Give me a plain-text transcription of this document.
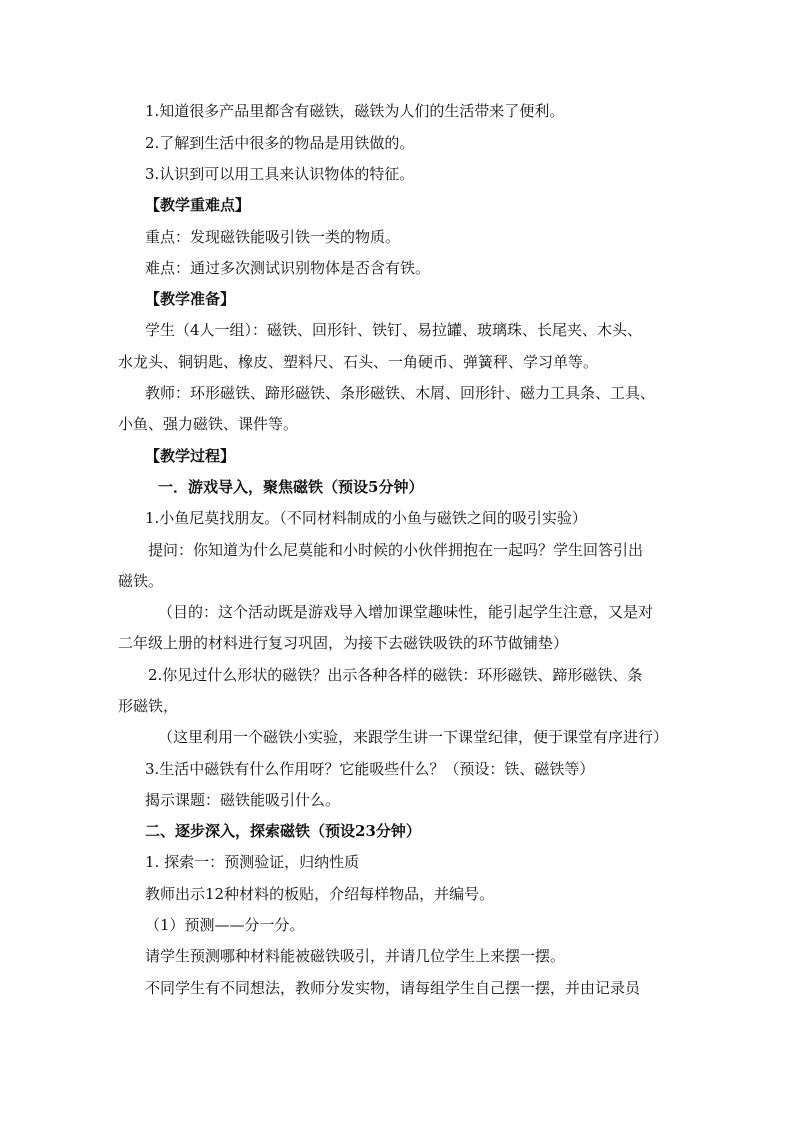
1.知道很多产品里都含有磁铁，磁铁为人们的生活带来了便利。
2.了解到生活中很多的物品是用铁做的。
3.认识到可以用工具来认识物体的特征。
【教学重难点】
重点：发现磁铁能吸引铁一类的物质。
难点：通过多次测试识别物体是否含有铁。
【教学准备】
学生（4人一组）：磁铁、回形针、铁钉、易拉罐、玻璃珠、长尾夹、木头、
水龙头、铜钥匙、橡皮、塑料尺、石头、一角硬币、弹簧秤、学习单等。
教师：环形磁铁、蹄形磁铁、条形磁铁、木屑、回形针、磁力工具条、工具、
小鱼、强力磁铁、课件等。
【教学过程】
一．游戏导入，聚焦磁铁（预设5分钟）
1.小鱼尼莫找朋友。（不同材料制成的小鱼与磁铁之间的吸引实验）
提问：你知道为什么尼莫能和小时候的小伙伴拥抱在一起吗？学生回答引出
磁铁。
（目的：这个活动既是游戏导入增加课堂趣味性，能引起学生注意，又是对
二年级上册的材料进行复习巩固，为接下去磁铁吸铁的环节做铺垫）
2.你见过什么形状的磁铁？出示各种各样的磁铁：环形磁铁、蹄形磁铁、条
形磁铁，
（这里利用一个磁铁小实验，来跟学生讲一下课堂纪律，便于课堂有序进行）
3.生活中磁铁有什么作用呀？它能吸些什么？（预设：铁、磁铁等）
揭示课题：磁铁能吸引什么。
二、逐步深入，探索磁铁（预设23分钟）
1. 探索一：预测验证，归纳性质
教师出示12种材料的板贴，介绍每样物品，并编号。
（1）预测——分一分。
请学生预测哪种材料能被磁铁吸引，并请几位学生上来摆一摆。
不同学生有不同想法，教师分发实物，请每组学生自己摆一摆，并由记录员
